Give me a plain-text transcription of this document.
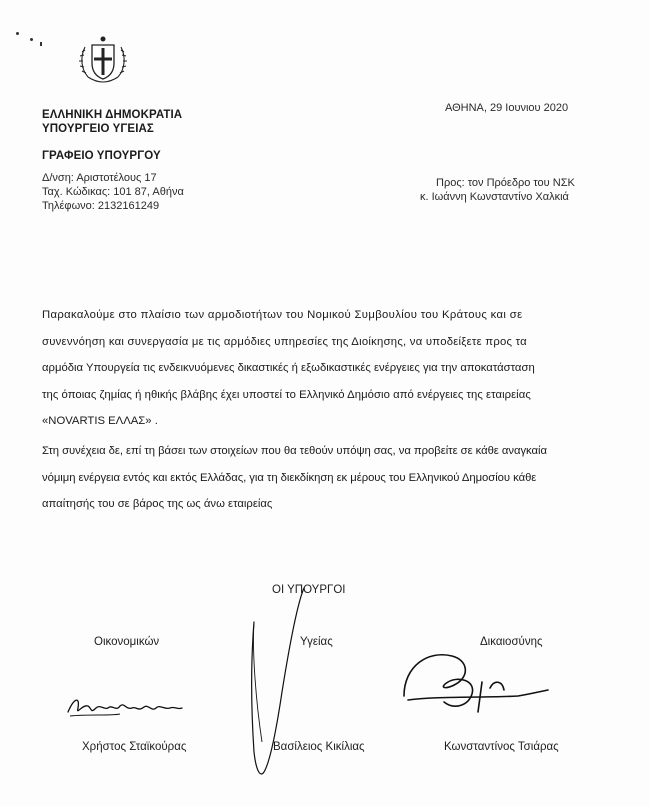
ΕΛΛΗΝΙΚΗ ΔΗΜΟΚΡΑΤΙΑ
ΥΠΟΥΡΓΕΙΟ ΥΓΕΙΑΣ
ΓΡΑΦΕΙΟ ΥΠΟΥΡΓΟΥ
Δ/νση: Αριστοτέλους 17
Ταχ. Κώδικας: 101 87, Αθήνα
Τηλέφωνο: 2132161249
ΑΘΗΝΑ, 29 Ιουνιου 2020
Προς: τον Πρόεδρο του ΝΣΚ
κ. Ιωάννη Κωνσταντίνο Χαλκιά
Παρακαλούμε στο πλαίσιο των αρμοδιοτήτων του Νομικού Συμβουλίου του Κράτους και σε
συνεννόηση και συνεργασία με τις αρμόδιες υπηρεσίες της Διοίκησης, να υποδείξετε προς τα
αρμόδια Υπουργεία τις ενδεικνυόμενες δικαστικές ή εξωδικαστικές ενέργειες για την αποκατάσταση
της όποιας ζημίας ή ηθικής βλάβης έχει υποστεί το Ελληνικό Δημόσιο από ενέργειες της εταιρείας
«NOVARTIS ΕΛΛΑΣ» .
Στη συνέχεια δε, επί τη βάσει των στοιχείων που θα τεθούν υπόψη σας, να προβείτε σε κάθε αναγκαία
νόμιμη ενέργεια εντός και εκτός Ελλάδας, για τη διεκδίκηση εκ μέρους του Ελληνικού Δημοσίου κάθε
απαίτησής του σε βάρος της ως άνω εταιρείας
ΟΙ ΥΠΟΥΡΓΟΙ
Οικονομικών	Υγείας	Δικαιοσύνης
Χρήστος Σταϊκούρας	Βασίλειος Κικίλιας	Κωνσταντίνος Τσιάρας
